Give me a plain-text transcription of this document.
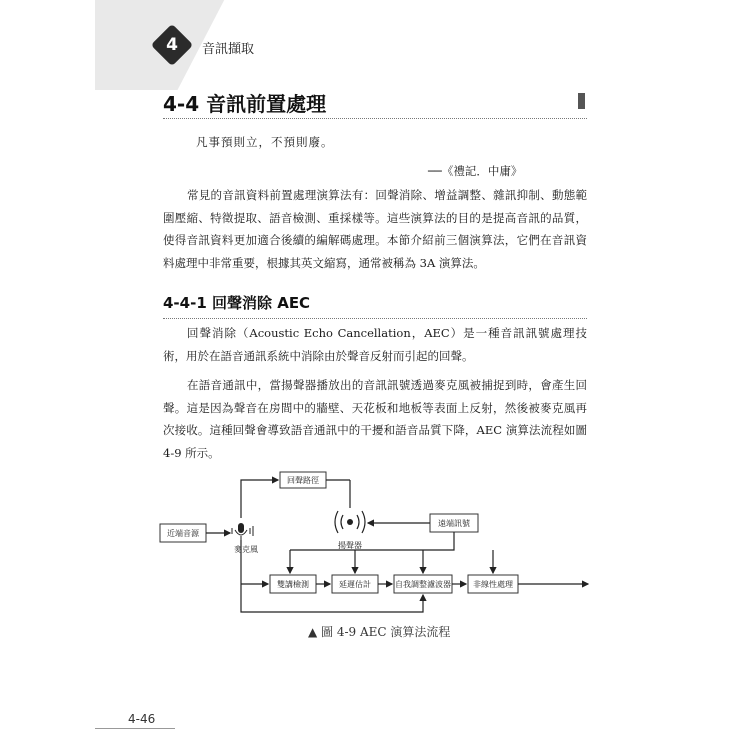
4	音訊擷取
4-4 音訊前置處理
凡事預則立，不預則廢。
──《禮記．中庸》

常見的音訊資料前置處理演算法有：回聲消除、增益調整、雜訊抑制、動態範圍壓縮、特徵提取、語音檢測、重採樣等。這些演算法的目的是提高音訊的品質，使得音訊資料更加適合後續的編解碼處理。本節介紹前三個演算法，它們在音訊資料處理中非常重要，根據其英文縮寫，通常被稱為 3A 演算法。

4-4-1 回聲消除 AEC

回聲消除（Acoustic Echo Cancellation，AEC）是一種音訊訊號處理技術，用於在語音通訊系統中消除由於聲音反射而引起的回聲。

在語音通訊中，當揚聲器播放出的音訊訊號透過麥克風被捕捉到時，會產生回聲。這是因為聲音在房間中的牆壁、天花板和地板等表面上反射，然後被麥克風再次接收。這種回聲會導致語音通訊中的干擾和語音品質下降，AEC 演算法流程如圖 4-9 所示。

回聲路徑
近端音源
麥克風	揚聲器
遠端訊號
雙講檢測	延遲估計	自我調整濾波器	非線性處理
▲ 圖 4-9 AEC 演算法流程
4-46
